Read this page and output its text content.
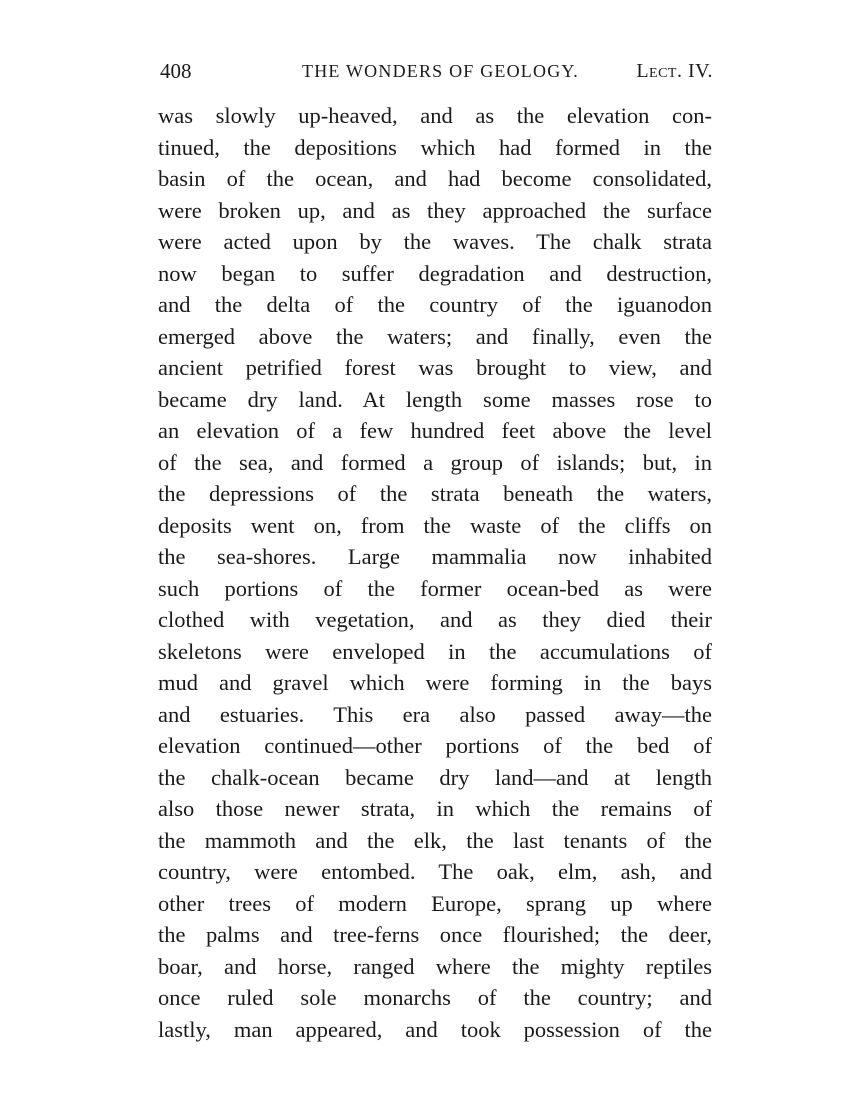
408	THE WONDERS OF GEOLOGY.	Lect. IV.
was slowly up-heaved, and as the elevation con-
tinued, the depositions which had formed in the
basin of the ocean, and had become consolidated,
were broken up, and as they approached the surface
were acted upon by the waves. The chalk strata
now began to suffer degradation and destruction,
and the delta of the country of the iguanodon
emerged above the waters; and finally, even the
ancient petrified forest was brought to view, and
became dry land. At length some masses rose to
an elevation of a few hundred feet above the level
of the sea, and formed a group of islands; but, in
the depressions of the strata beneath the waters,
deposits went on, from the waste of the cliffs on
the sea-shores. Large mammalia now inhabited
such portions of the former ocean-bed as were
clothed with vegetation, and as they died their
skeletons were enveloped in the accumulations of
mud and gravel which were forming in the bays
and estuaries. This era also passed away—the
elevation continued—other portions of the bed of
the chalk-ocean became dry land—and at length
also those newer strata, in which the remains of
the mammoth and the elk, the last tenants of the
country, were entombed. The oak, elm, ash, and
other trees of modern Europe, sprang up where
the palms and tree-ferns once flourished; the deer,
boar, and horse, ranged where the mighty reptiles
once ruled sole monarchs of the country; and
lastly, man appeared, and took possession of the
